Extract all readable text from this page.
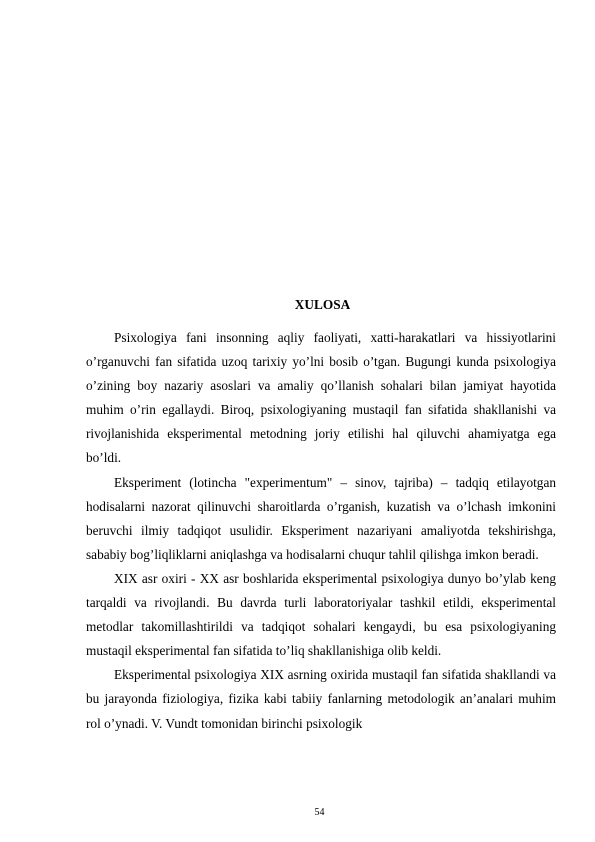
XULOSA

Psixologiya fani insonning aqliy faoliyati, xatti-harakatlari va hissiyotlarini o’rganuvchi fan sifatida uzoq tarixiy yo’lni bosib o’tgan. Bugungi kunda psixologiya o’zining boy nazariy asoslari va amaliy qo’llanish sohalari bilan jamiyat hayotida muhim o’rin egallaydi. Biroq, psixologiyaning mustaqil fan sifatida shakllanishi va rivojlanishida eksperimental metodning joriy etilishi hal qiluvchi ahamiyatga ega bo’ldi.

Eksperiment (lotincha "experimentum" – sinov, tajriba) – tadqiq etilayotgan hodisalarni nazorat qilinuvchi sharoitlarda o’rganish, kuzatish va o’lchash imkonini beruvchi ilmiy tadqiqot usulidir. Eksperiment nazariyani amaliyotda tekshirishga, sababiy bog’liqliklarni aniqlashga va hodisalarni chuqur tahlil qilishga imkon beradi.

XIX asr oxiri - XX asr boshlarida eksperimental psixologiya dunyo bo’ylab keng tarqaldi va rivojlandi. Bu davrda turli laboratoriyalar tashkil etildi, eksperimental metodlar takomillashtirildi va tadqiqot sohalari kengaydi, bu esa psixologiyaning mustaqil eksperimental fan sifatida to’liq shakllanishiga olib keldi.

Eksperimental psixologiya XIX asrning oxirida mustaqil fan sifatida shakllandi va bu jarayonda fiziologiya, fizika kabi tabiiy fanlarning metodologik an’analari muhim rol o’ynadi. V. Vundt tomonidan birinchi psixologik

54
